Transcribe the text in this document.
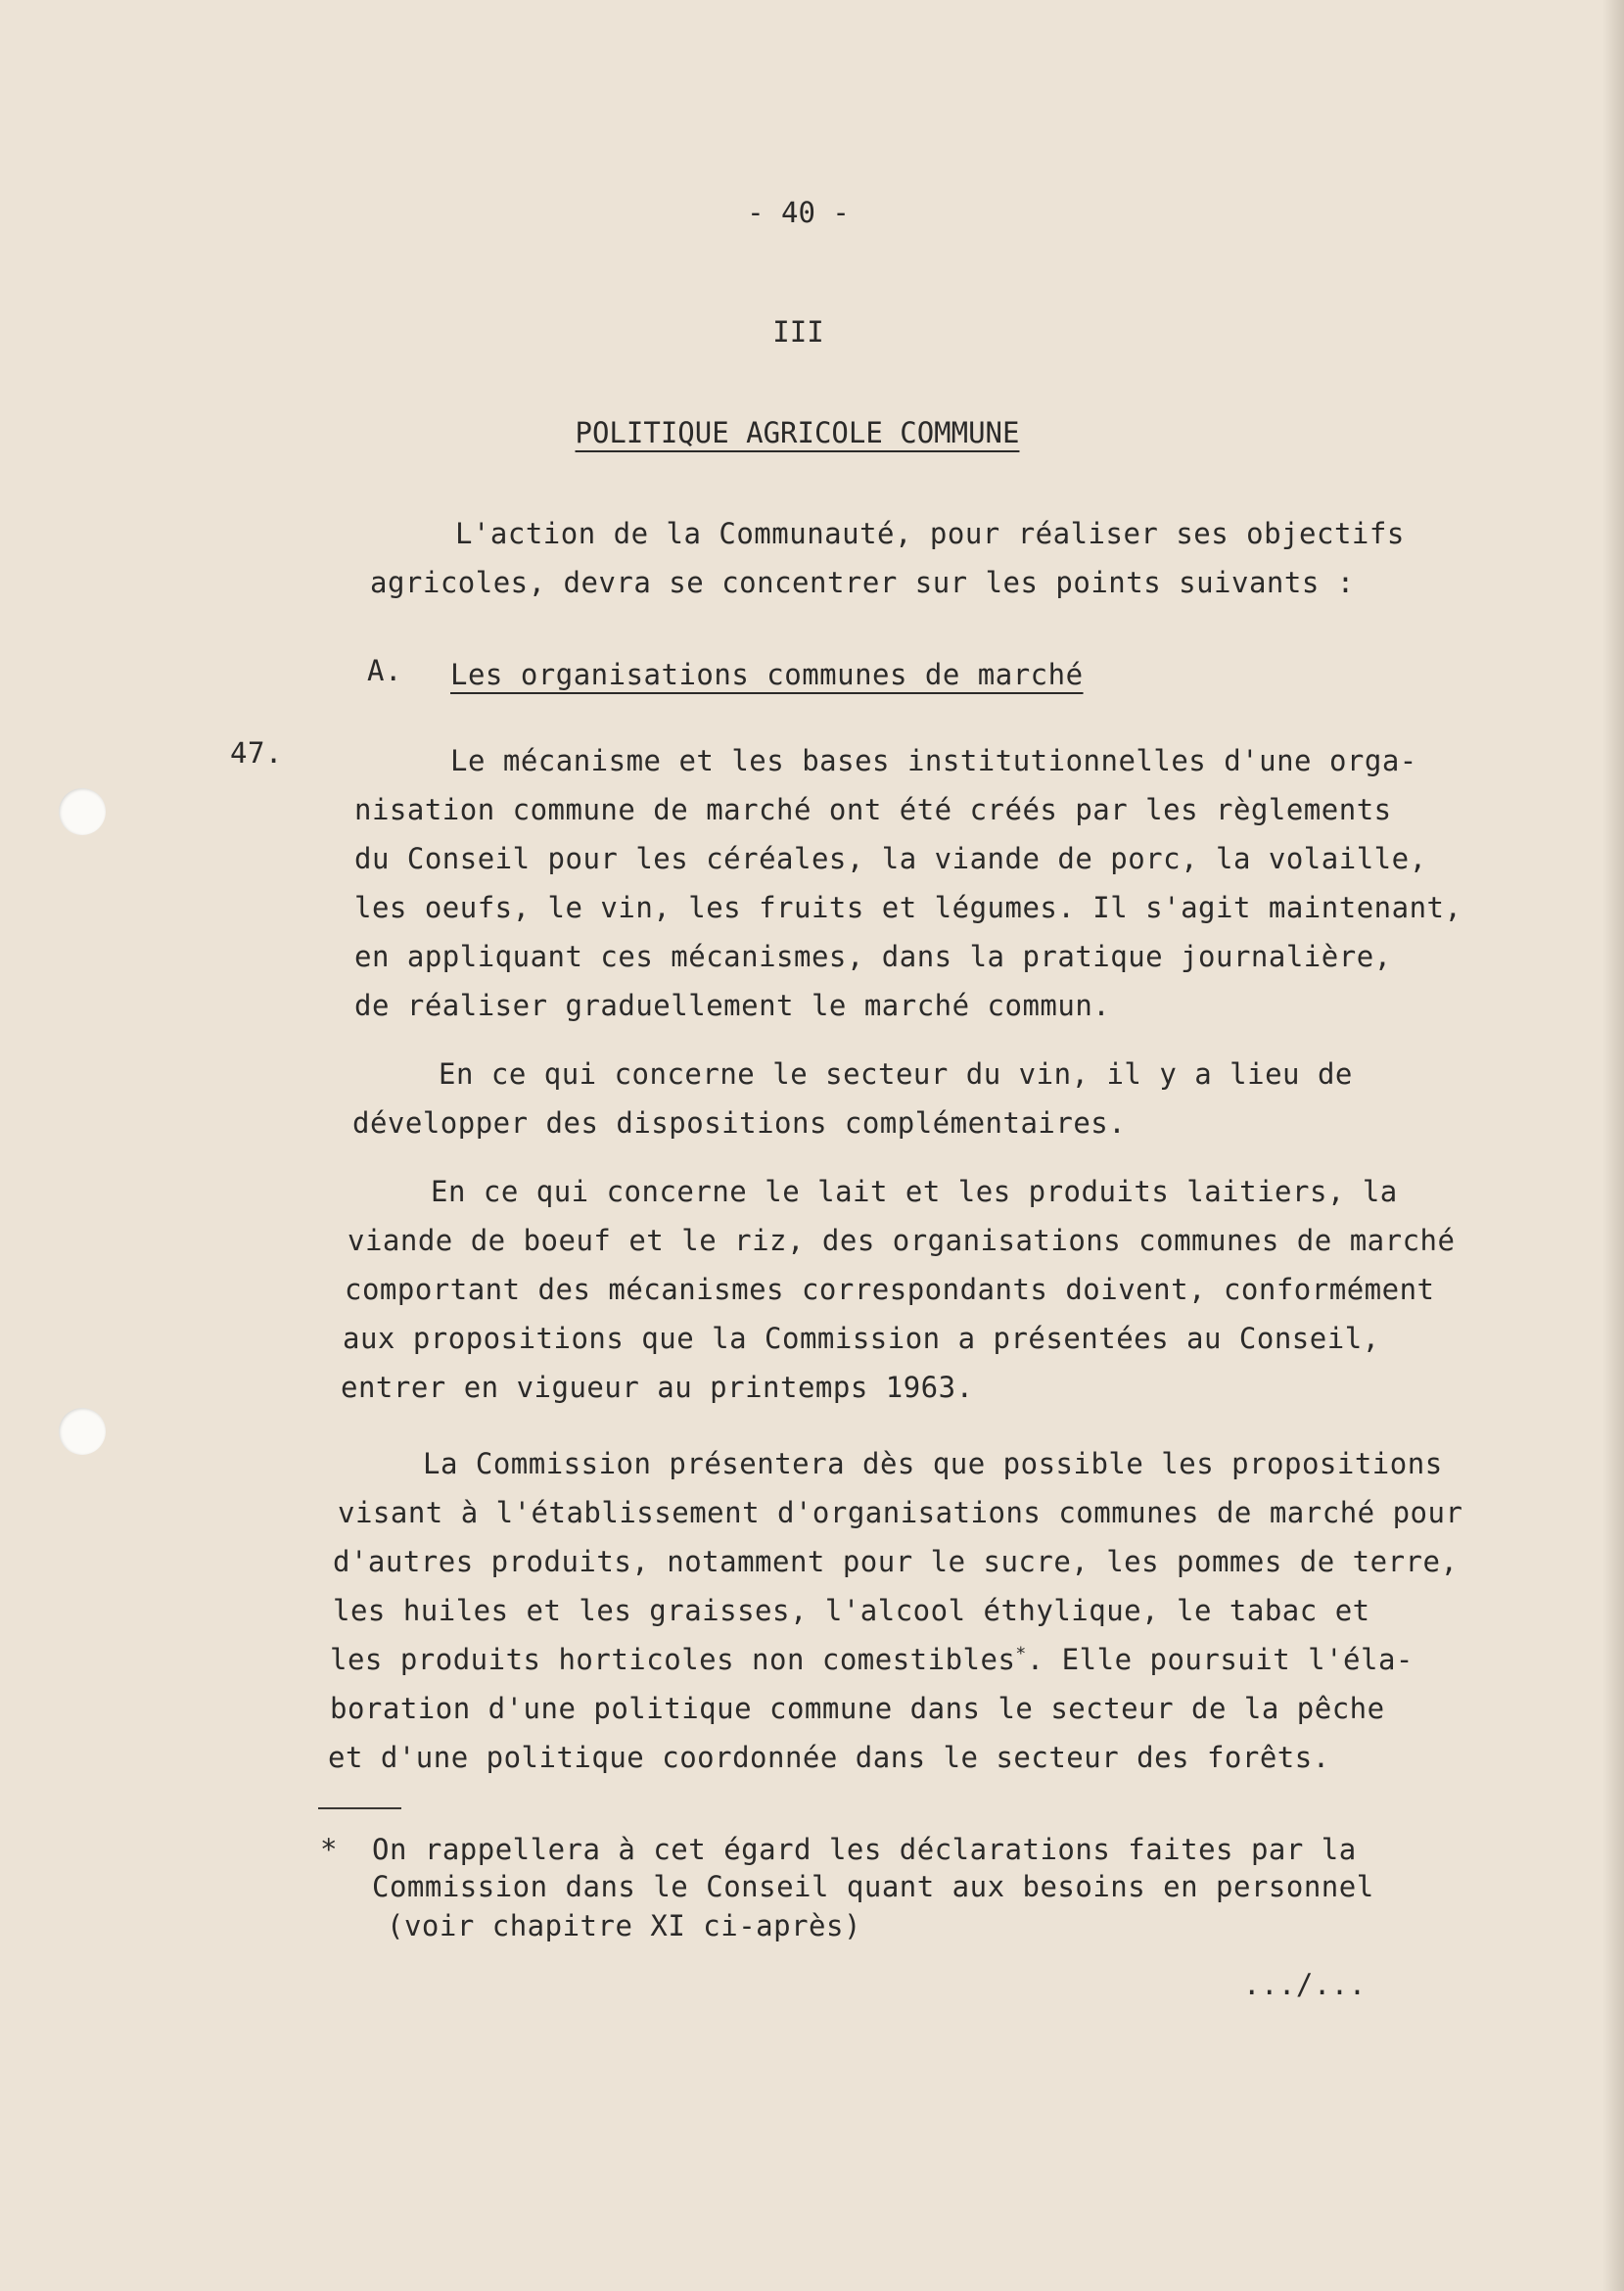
- 40 -
III
POLITIQUE AGRICOLE COMMUNE
L'action de la Communauté, pour réaliser ses objectifs
agricoles, devra se concentrer sur les points suivants :
A. Les organisations communes de marché
47.	Le mécanisme et les bases institutionnelles d'une orga-
nisation commune de marché ont été créés par les règlements
du Conseil pour les céréales, la viande de porc, la volaille,
les oeufs, le vin, les fruits et légumes. Il s'agit maintenant,
en appliquant ces mécanismes, dans la pratique journalière,
de réaliser graduellement le marché commun.
En ce qui concerne le secteur du vin, il y a lieu de
développer des dispositions complémentaires.
En ce qui concerne le lait et les produits laitiers, la
viande de boeuf et le riz, des organisations communes de marché
comportant des mécanismes correspondants doivent, conformément
aux propositions que la Commission a présentées au Conseil,
entrer en vigueur au printemps 1963.
La Commission présentera dès que possible les propositions
visant à l'établissement d'organisations communes de marché pour
d'autres produits, notamment pour le sucre, les pommes de terre,
les huiles et les graisses, l'alcool éthylique, le tabac et
les produits horticoles non comestibles*. Elle poursuit l'éla-
boration d'une politique commune dans le secteur de la pêche
et d'une politique coordonnée dans le secteur des forêts.
* On rappellera à cet égard les déclarations faites par la
Commission dans le Conseil quant aux besoins en personnel
(voir chapitre XI ci-après)
.../...
